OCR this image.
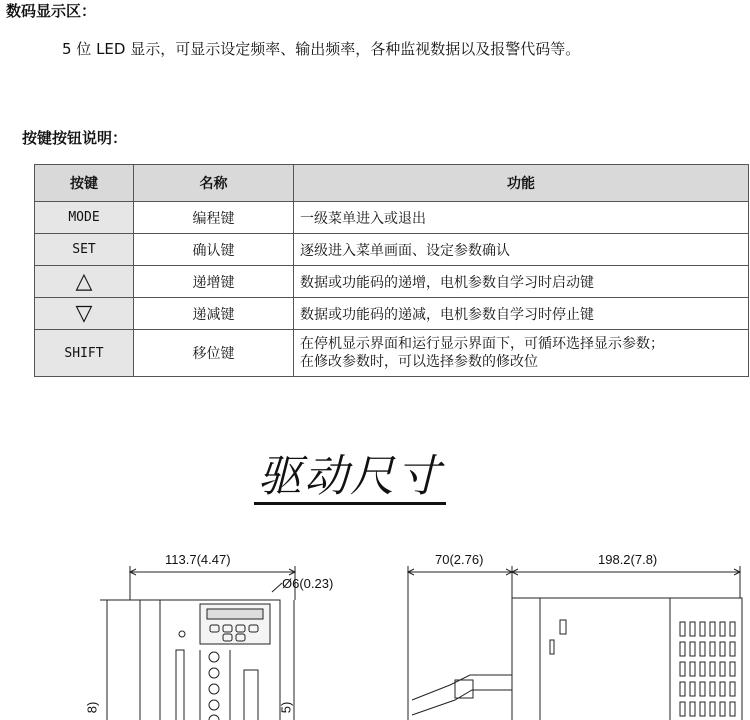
数码显示区：
5 位 LED 显示，可显示设定频率、输出频率，各种监视数据以及报警代码等。
按键按钮说明：
按键	名称	功能
MODE	编程键	一级菜单进入或退出
SET	确认键	逐级进入菜单画面、设定参数确认
△	递增键	数据或功能码的递增，电机参数自学习时启动键
▽	递减键	数据或功能码的递减，电机参数自学习时停止键
SHIFT	移位键	在停机显示界面和运行显示界面下，可循环选择显示参数；
在修改参数时，可以选择参数的修改位
驱动尺寸
113.7(4.47)
Ø6(0.23)
70(2.76)	198.2(7.8)
8)	5)
